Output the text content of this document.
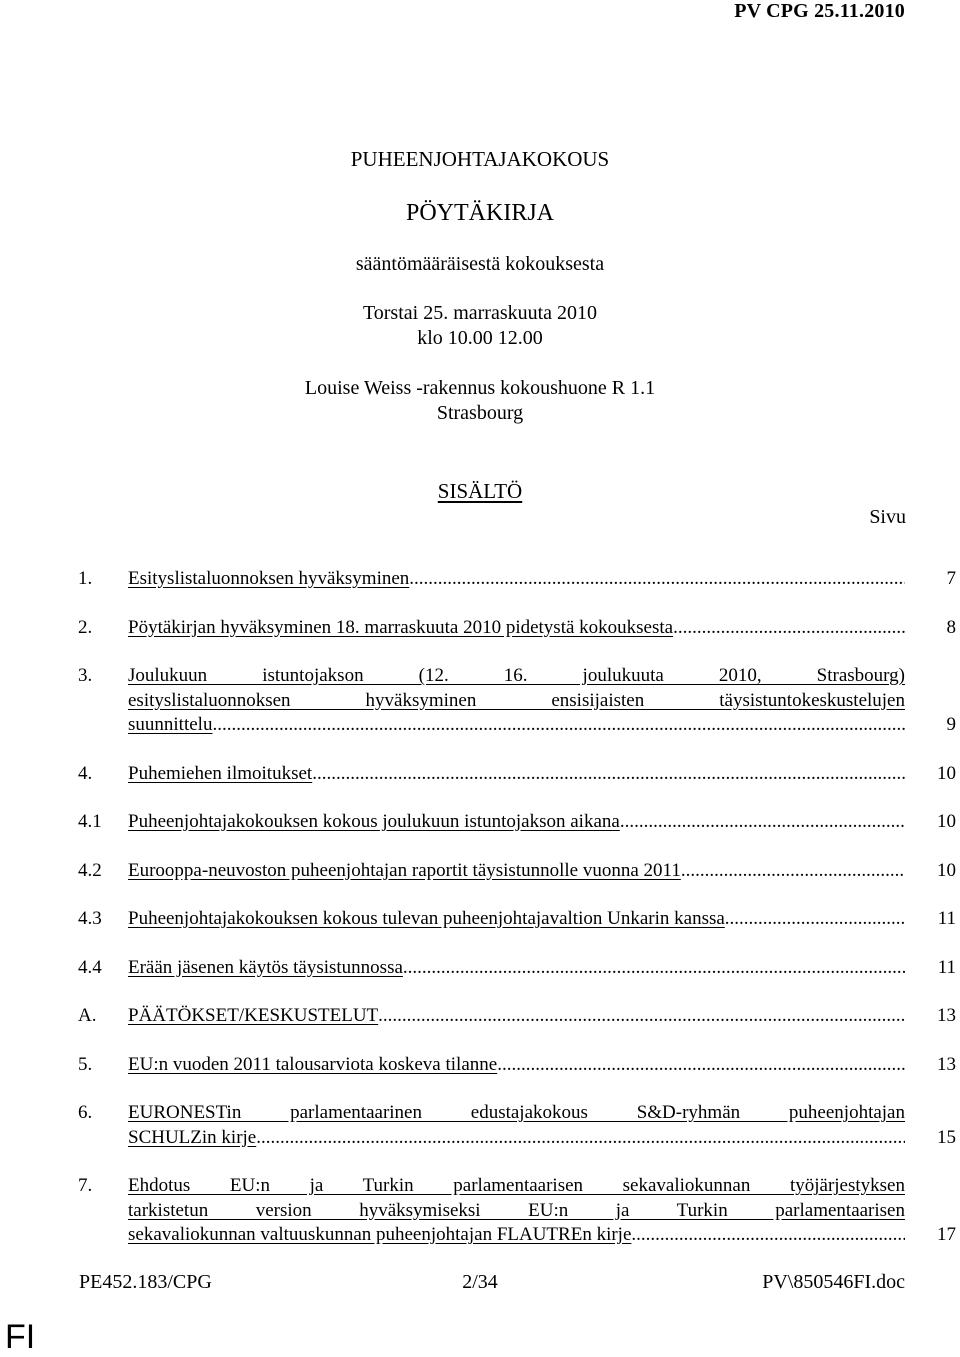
PV CPG 25.11.2010
PUHEENJOHTAJAKOKOUS
PÖYTÄKIRJA
sääntömääräisestä kokouksesta
Torstai 25. marraskuuta 2010
klo 10.00 12.00
Louise Weiss -rakennus kokoushuone R 1.1
Strasbourg
SISÄLTÖ
Sivu
1.	Esityslistaluonnoksen hyväksyminen .....	7
2.	Pöytäkirjan hyväksyminen 18. marraskuuta 2010 pidetystä kokouksesta .....	8
3.	Joulukuun istuntojakson (12. 16. joulukuuta 2010, Strasbourg)
esityslistaluonnoksen hyväksyminen ensisijaisten täysistuntokeskustelujen
suunnittelu .....	9
4.	Puhemiehen ilmoitukset .....	10
4.1	Puheenjohtajakokouksen kokous joulukuun istuntojakson aikana .....	10
4.2	Eurooppa-neuvoston puheenjohtajan raportit täysistunnolle vuonna 2011 .....	10
4.3	Puheenjohtajakokouksen kokous tulevan puheenjohtajavaltion Unkarin kanssa .....	11
4.4	Erään jäsenen käytös täysistunnossa .....	11
A.	PÄÄTÖKSET/KESKUSTELUT .....	13
5.	EU:n vuoden 2011 talousarviota koskeva tilanne .....	13
6.	EURONESTin parlamentaarinen edustajakokous S&D-ryhmän puheenjohtajan
SCHULZin kirje .....	15
7.	Ehdotus EU:n ja Turkin parlamentaarisen sekavaliokunnan työjärjestyksen
tarkistetun version hyväksymiseksi EU:n ja Turkin parlamentaarisen
sekavaliokunnan valtuuskunnan puheenjohtajan FLAUTREn kirje .....	17
PE452.183/CPG	2/34	PV\850546FI.doc
FI
